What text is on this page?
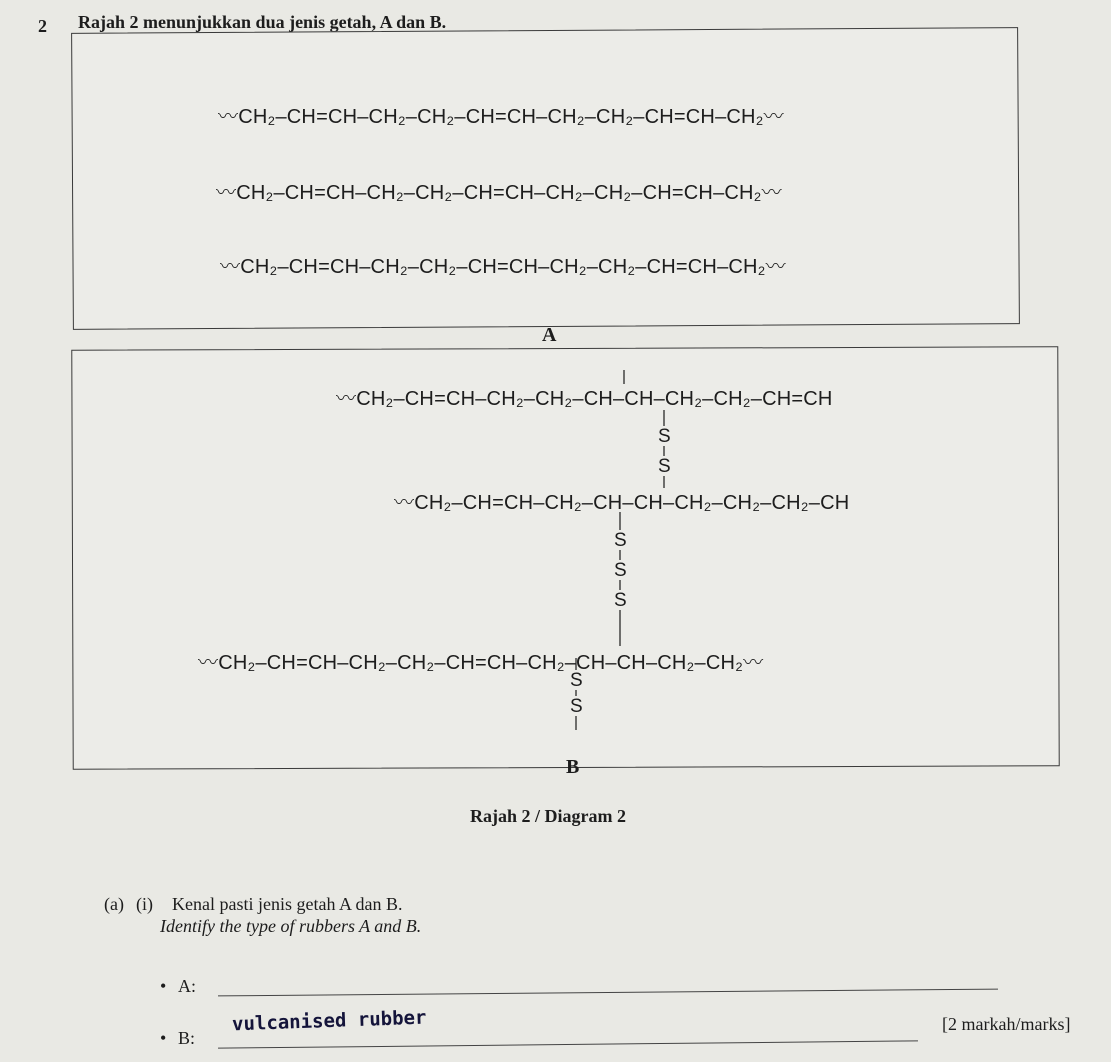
2 Rajah 2 menunjukkan dua jenis getah, A dan B.
〰CH₂–CH=CH–CH₂–CH₂–CH=CH–CH₂–CH₂–CH=CH–CH₂〰
〰CH₂–CH=CH–CH₂–CH₂–CH=CH–CH₂–CH₂–CH=CH–CH₂〰
〰CH₂–CH=CH–CH₂–CH₂–CH=CH–CH₂–CH₂–CH=CH–CH₂〰
A
〰CH₂–CH=CH–CH₂–CH₂–CH–CH–CH₂–CH₂–CH=CH
〰CH₂–CH=CH–CH₂–CH–CH–CH₂–CH₂–CH₂–CH
〰CH₂–CH=CH–CH₂–CH₂–CH=CH–CH₂–CH–CH–CH₂–CH₂〰
S
S
S
S
S
S
S
B
Rajah 2 / Diagram 2
(a) (i) Kenal pasti jenis getah A dan B.
Identify the type of rubbers A and B.
• A:
• B:
vulcanised rubber	[2 markah/marks]
